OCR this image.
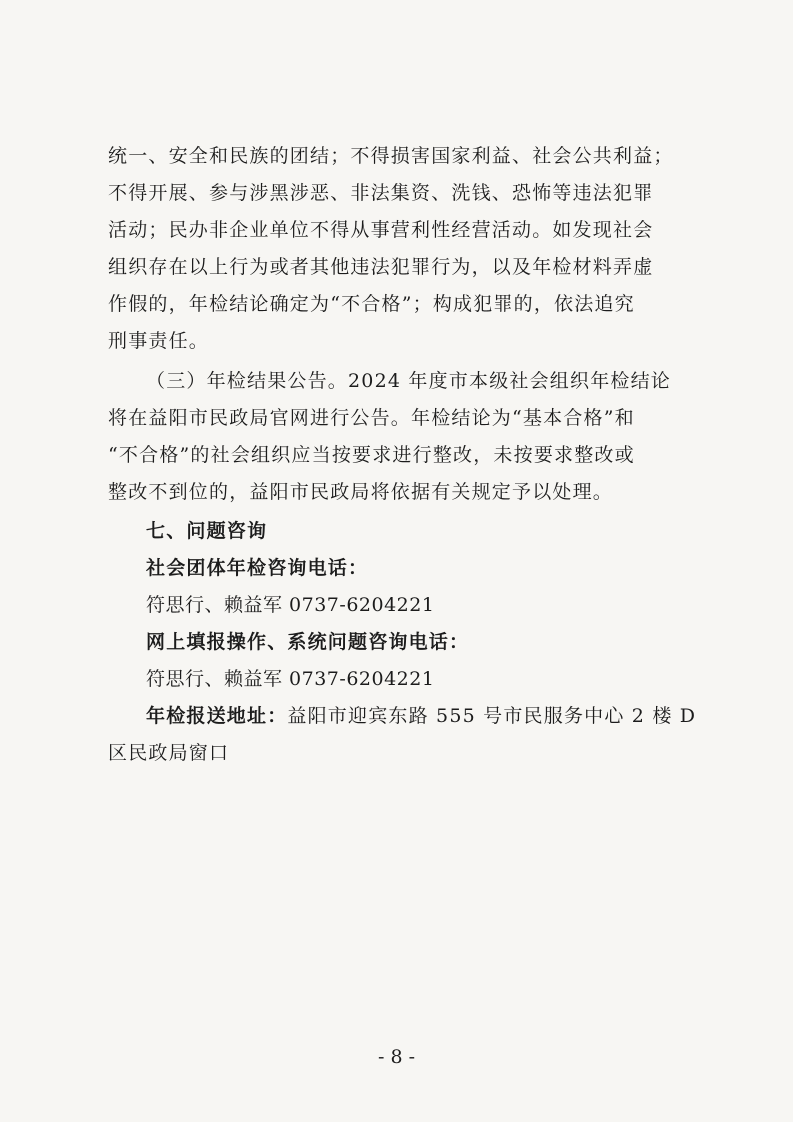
统一、安全和民族的团结；不得损害国家利益、社会公共利益；
不得开展、参与涉黑涉恶、非法集资、洗钱、恐怖等违法犯罪
活动；民办非企业单位不得从事营利性经营活动。如发现社会
组织存在以上行为或者其他违法犯罪行为，以及年检材料弄虚
作假的，年检结论确定为“不合格”；构成犯罪的，依法追究
刑事责任。
（三）年检结果公告。2024 年度市本级社会组织年检结论
将在益阳市民政局官网进行公告。年检结论为“基本合格”和
“不合格”的社会组织应当按要求进行整改，未按要求整改或
整改不到位的，益阳市民政局将依据有关规定予以处理。
七、问题咨询
社会团体年检咨询电话：
符思行、赖益军 0737-6204221
网上填报操作、系统问题咨询电话：
符思行、赖益军 0737-6204221
年检报送地址：益阳市迎宾东路 555 号市民服务中心 2 楼 D
区民政局窗口
- 8 -
